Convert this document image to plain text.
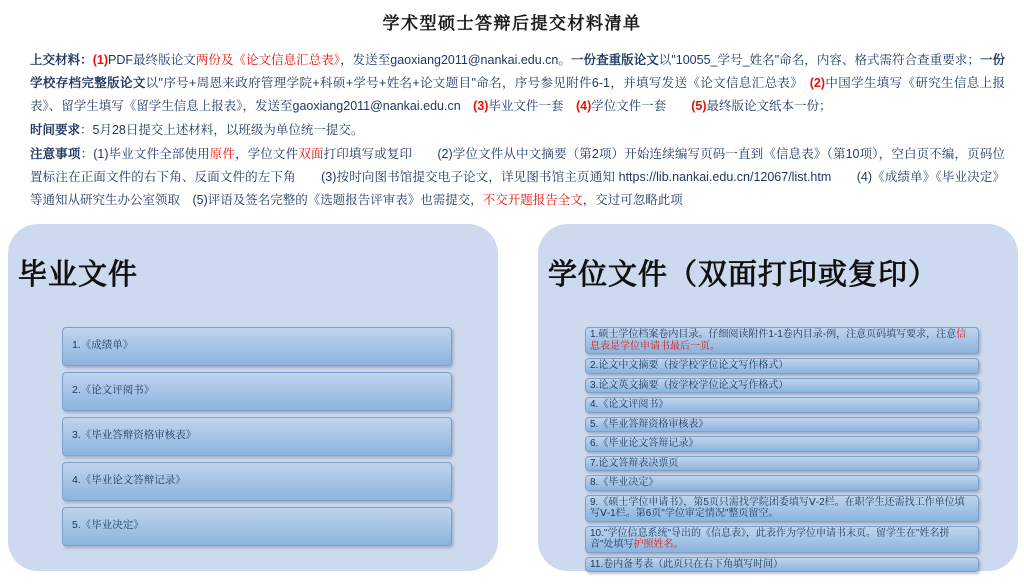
学术型硕士答辩后提交材料清单

上交材料：(1)PDF最终版论文两份及《论文信息汇总表》，发送至gaoxiang2011@nankai.edu.cn。一份查重版论文以"10055_学号_姓名"命名，内容、格式需符合查重要求；一份学校存档完整版论文以"序号+周恩来政府管理学院+科硕+学号+姓名+论文题目"命名，序号参见附件6-1，并填写发送《论文信息汇总表》　(2)中国学生填写《研究生信息上报表》、留学生填写《留学生信息上报表》，发送至gaoxiang2011@nankai.edu.cn　(3)毕业文件一套　(4)学位文件一套　　(5)最终版论文纸本一份；

时间要求：5月28日提交上述材料，以班级为单位统一提交。

注意事项：(1)毕业文件全部使用原件，学位文件双面打印填写或复印　　(2)学位文件从中文摘要（第2项）开始连续编写页码一直到《信息表》（第10项），空白页不编，页码位置标注在正面文件的右下角、反面文件的左下角　　(3)按时向图书馆提交电子论文，详见图书馆主页通知 https://lib.nankai.edu.cn/12067/list.htm　　(4)《成绩单》《毕业决定》等通知从研究生办公室领取　(5)评语及签名完整的《选题报告评审表》也需提交，不交开题报告全文，交过可忽略此项

毕业文件
1.《成绩单》
2.《论文评阅书》
3.《毕业答辩资格审核表》
4.《毕业论文答辩记录》
5.《毕业决定》
学位文件（双面打印或复印）
1.硕士学位档案卷内目录。仔细阅读附件1-1卷内目录-例，注意页码填写要求，注意信息表是学位申请书最后一页。
2.论文中文摘要（按学校学位论文写作格式）
3.论文英文摘要（按学校学位论文写作格式）
4.《论文评阅书》
5.《毕业答辩资格审核表》
6.《毕业论文答辩记录》
7.论文答辩表决票页
8.《毕业决定》
9.《硕士学位申请书》，第5页只需找学院团委填写Ⅴ-2栏。在职学生还需找工作单位填写Ⅴ-1栏。第6页"学位审定情况"整页留空。
10."学位信息系统"导出的《信息表》，此表作为学位申请书末页。留学生在"姓名拼音"处填写护照姓名。
11.卷内备考表（此页只在右下角填写时间）
